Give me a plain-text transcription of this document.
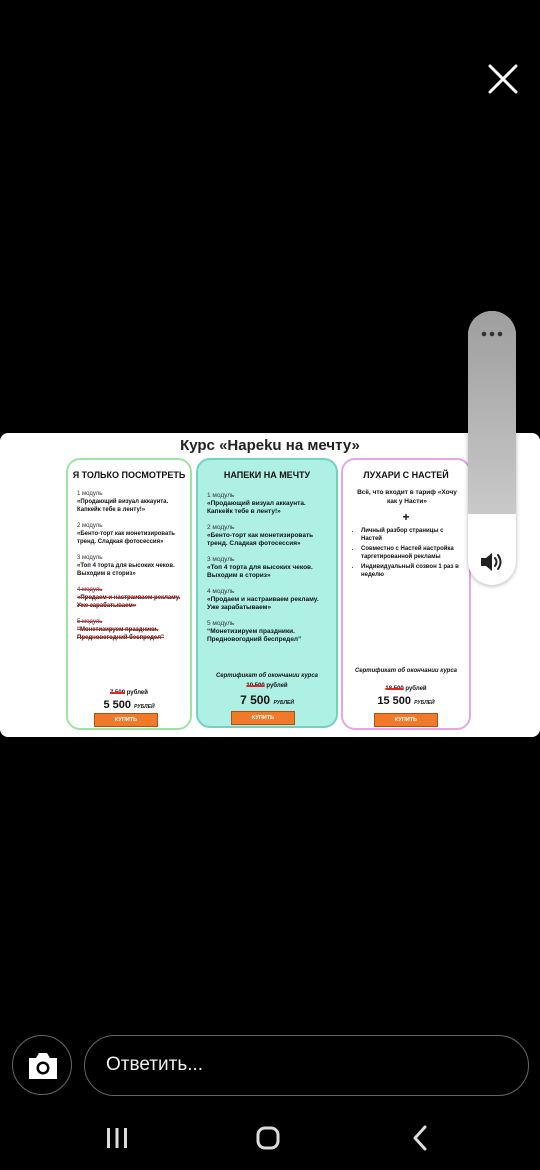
Курс «Hapeku на мечту»
Я ТОЛЬКО ПОСМОТРЕТЬ
1 модуль
«Продающий визуал аккаунта. Капкейк тебе в ленту!»
2 модуль
«Бенто-торт как монетизировать тренд. Сладкая фотосессия»
3 модуль
«Топ 4 торта для высоких чеков. Выходим в сториз»
4 модуль
«Продаем и настраиваем рекламу. Уже зарабатываем»
5 модуль
“Монетизируем праздники. Предновогодний беспредел”
7 500 рублей
5 500 РУБЛЕЙ
КУПИТЬ
НАПЕКИ НА МЕЧТУ
1 модуль
«Продающий визуал аккаунта. Капкейк тебе в ленту!»
2 модуль
«Бенто-торт как монетизировать тренд. Сладкая фотосессия»
3 модуль
«Топ 4 торта для высоких чеков. Выходим в сториз»
4 модуль
«Продаем и настраиваем рекламу. Уже зарабатываем»
5 модуль
“Монетизируем праздники. Предновогодний беспредел”
Сертификат об окончании курса
10 500 рублей
7 500 РУБЛЕЙ
КУПИТЬ
ЛУХАРИ С НАСТЕЙ
Всё, что входит в тариф «Хочу как у Насти»
+
• Личный разбор страницы с Настей
• Совместно с Настей настройка таргетированной рекламы
• Индивидуальный созвон 1 раз в неделю
Сертификат об окончании курса
18 500 рублей
15 500 РУБЛЕЙ
КУПИТЬ
Ответить...
